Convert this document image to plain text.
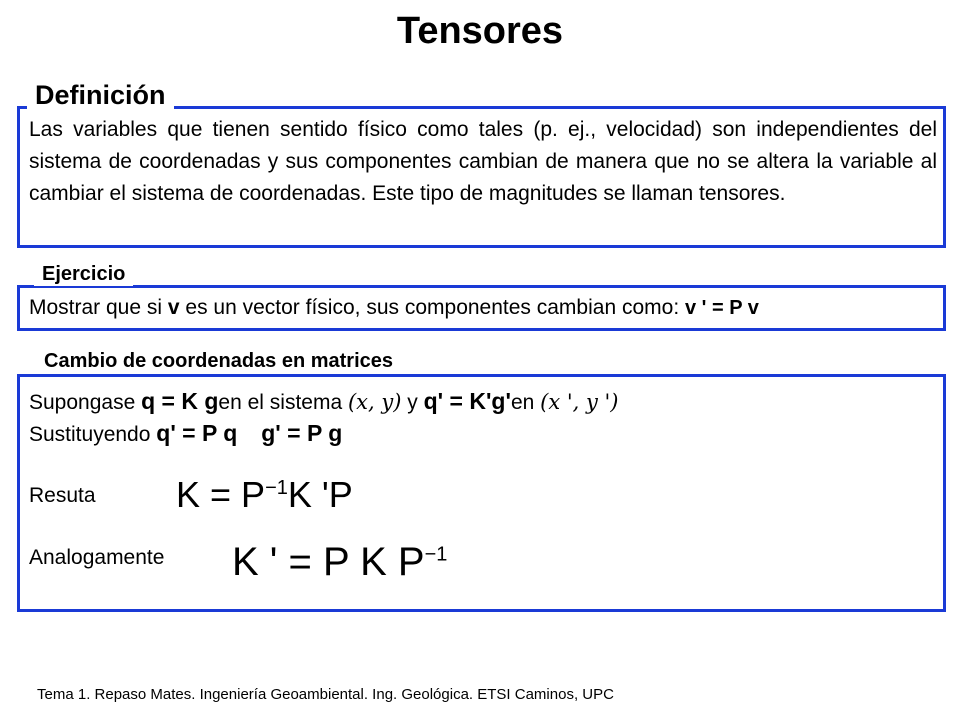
Tensores
Definición
Las variables que tienen sentido físico como tales (p. ej., velocidad) son independientes del sistema de coordenadas y sus componentes cambian de manera que no se altera la variable al cambiar el sistema de coordenadas. Este tipo de magnitudes se llaman tensores.
Ejercicio
Mostrar que si v es un vector físico, sus componentes cambian como: v ' = P v
Cambio de coordenadas en matrices
Supongase q = K gen el sistema (x, y) y q' = K'g'en (x ', y ')
Sustituyendo q' = P q g' = P g
Resuta $K = P^{-1}K$ 'P
Analogamente K ' = P K $P^{-1}$
Tema 1. Repaso Mates. Ingeniería Geoambiental. Ing. Geológica. ETSI Caminos, UPC
